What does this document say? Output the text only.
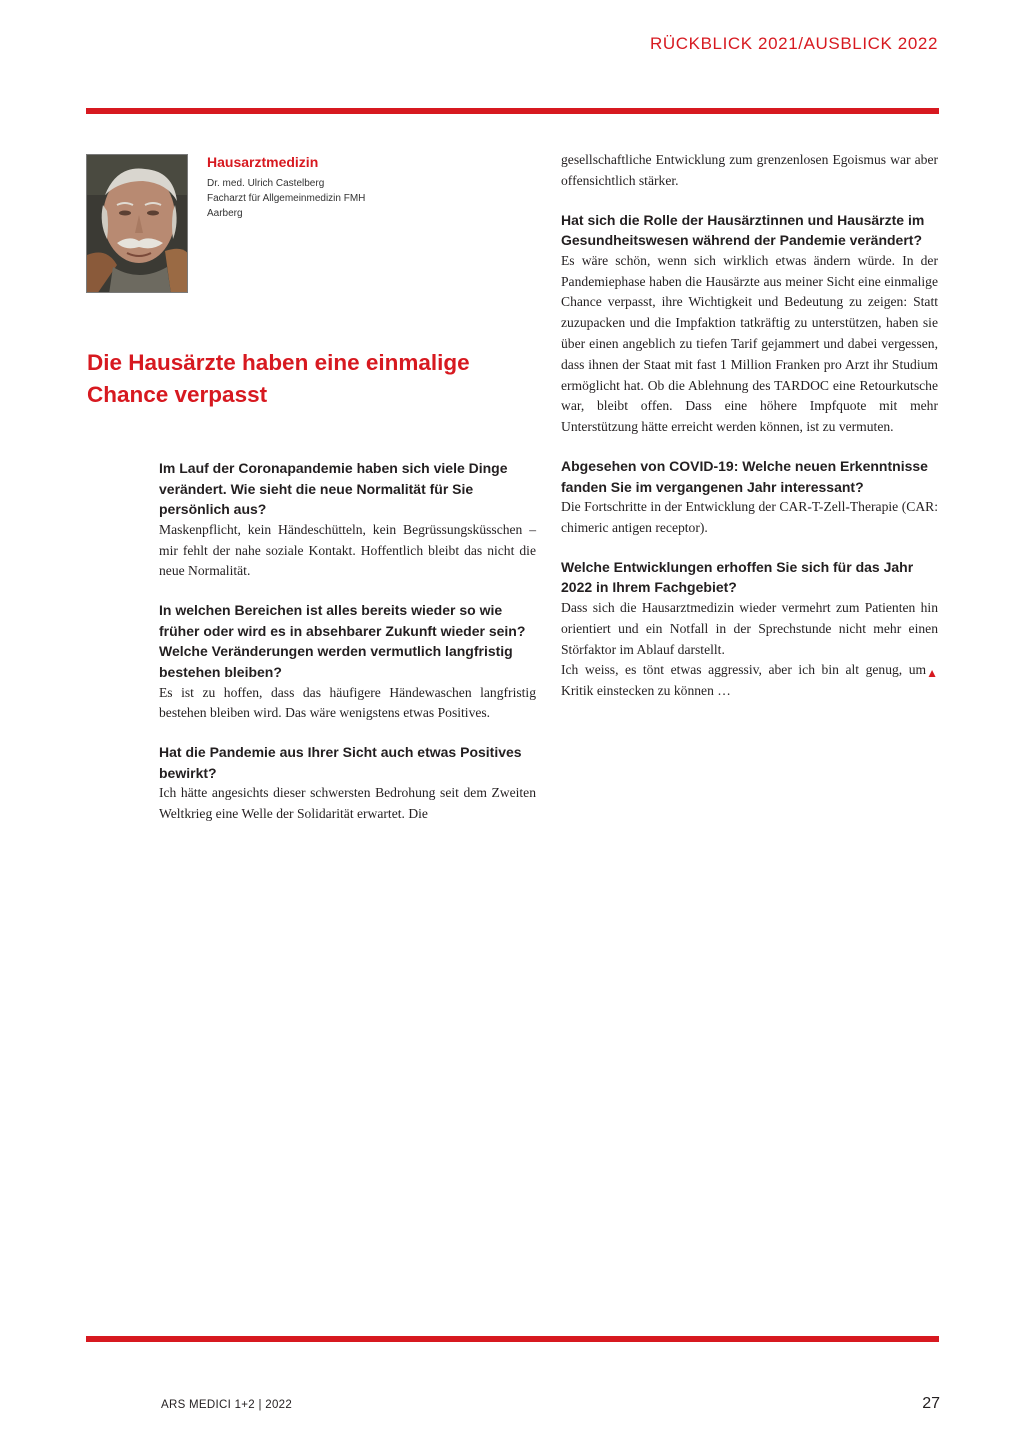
RÜCKBLICK 2021/AUSBLICK 2022
Hausarztmedizin
Dr. med. Ulrich Castelberg
Facharzt für Allgemeinmedizin FMH
Aarberg
Die Hausärzte haben eine einmalige Chance verpasst
Im Lauf der Coronapandemie haben sich viele Dinge verändert. Wie sieht die neue Normalität für Sie persönlich aus?
Maskenpflicht, kein Händeschütteln, kein Begrüssungsküsschen – mir fehlt der nahe soziale Kontakt. Hoffentlich bleibt das nicht die neue Normalität.
In welchen Bereichen ist alles bereits wieder so wie früher oder wird es in absehbarer Zukunft wieder sein? Welche Veränderungen werden vermutlich langfristig bestehen bleiben?
Es ist zu hoffen, dass das häufigere Händewaschen langfristig bestehen bleiben wird. Das wäre wenigstens etwas Positives.
Hat die Pandemie aus Ihrer Sicht auch etwas Positives bewirkt?
Ich hätte angesichts dieser schwersten Bedrohung seit dem Zweiten Weltkrieg eine Welle der Solidarität erwartet. Die
gesellschaftliche Entwicklung zum grenzenlosen Egoismus war aber offensichtlich stärker.
Hat sich die Rolle der Hausärztinnen und Hausärzte im Gesundheitswesen während der Pandemie verändert?
Es wäre schön, wenn sich wirklich etwas ändern würde. In der Pandemiephase haben die Hausärzte aus meiner Sicht eine einmalige Chance verpasst, ihre Wichtigkeit und Bedeutung zu zeigen: Statt zuzupacken und die Impfaktion tatkräftig zu unterstützen, haben sie über einen angeblich zu tiefen Tarif gejammert und dabei vergessen, dass ihnen der Staat mit fast 1 Million Franken pro Arzt ihr Studium ermöglicht hat. Ob die Ablehnung des TARDOC eine Retourkutsche war, bleibt offen. Dass eine höhere Impfquote mit mehr Unterstützung hätte erreicht werden können, ist zu vermuten.
Abgesehen von COVID-19: Welche neuen Erkenntnisse fanden Sie im vergangenen Jahr interessant?
Die Fortschritte in der Entwicklung der CAR-T-Zell-Therapie (CAR: chimeric antigen receptor).
Welche Entwicklungen erhoffen Sie sich für das Jahr 2022 in Ihrem Fachgebiet?
Dass sich die Hausarztmedizin wieder vermehrt zum Patienten hin orientiert und ein Notfall in der Sprechstunde nicht mehr einen Störfaktor im Ablauf darstellt.
▲
Ich weiss, es tönt etwas aggressiv, aber ich bin alt genug, um Kritik einstecken zu können …
ARS MEDICI 1+2 | 2022	27
